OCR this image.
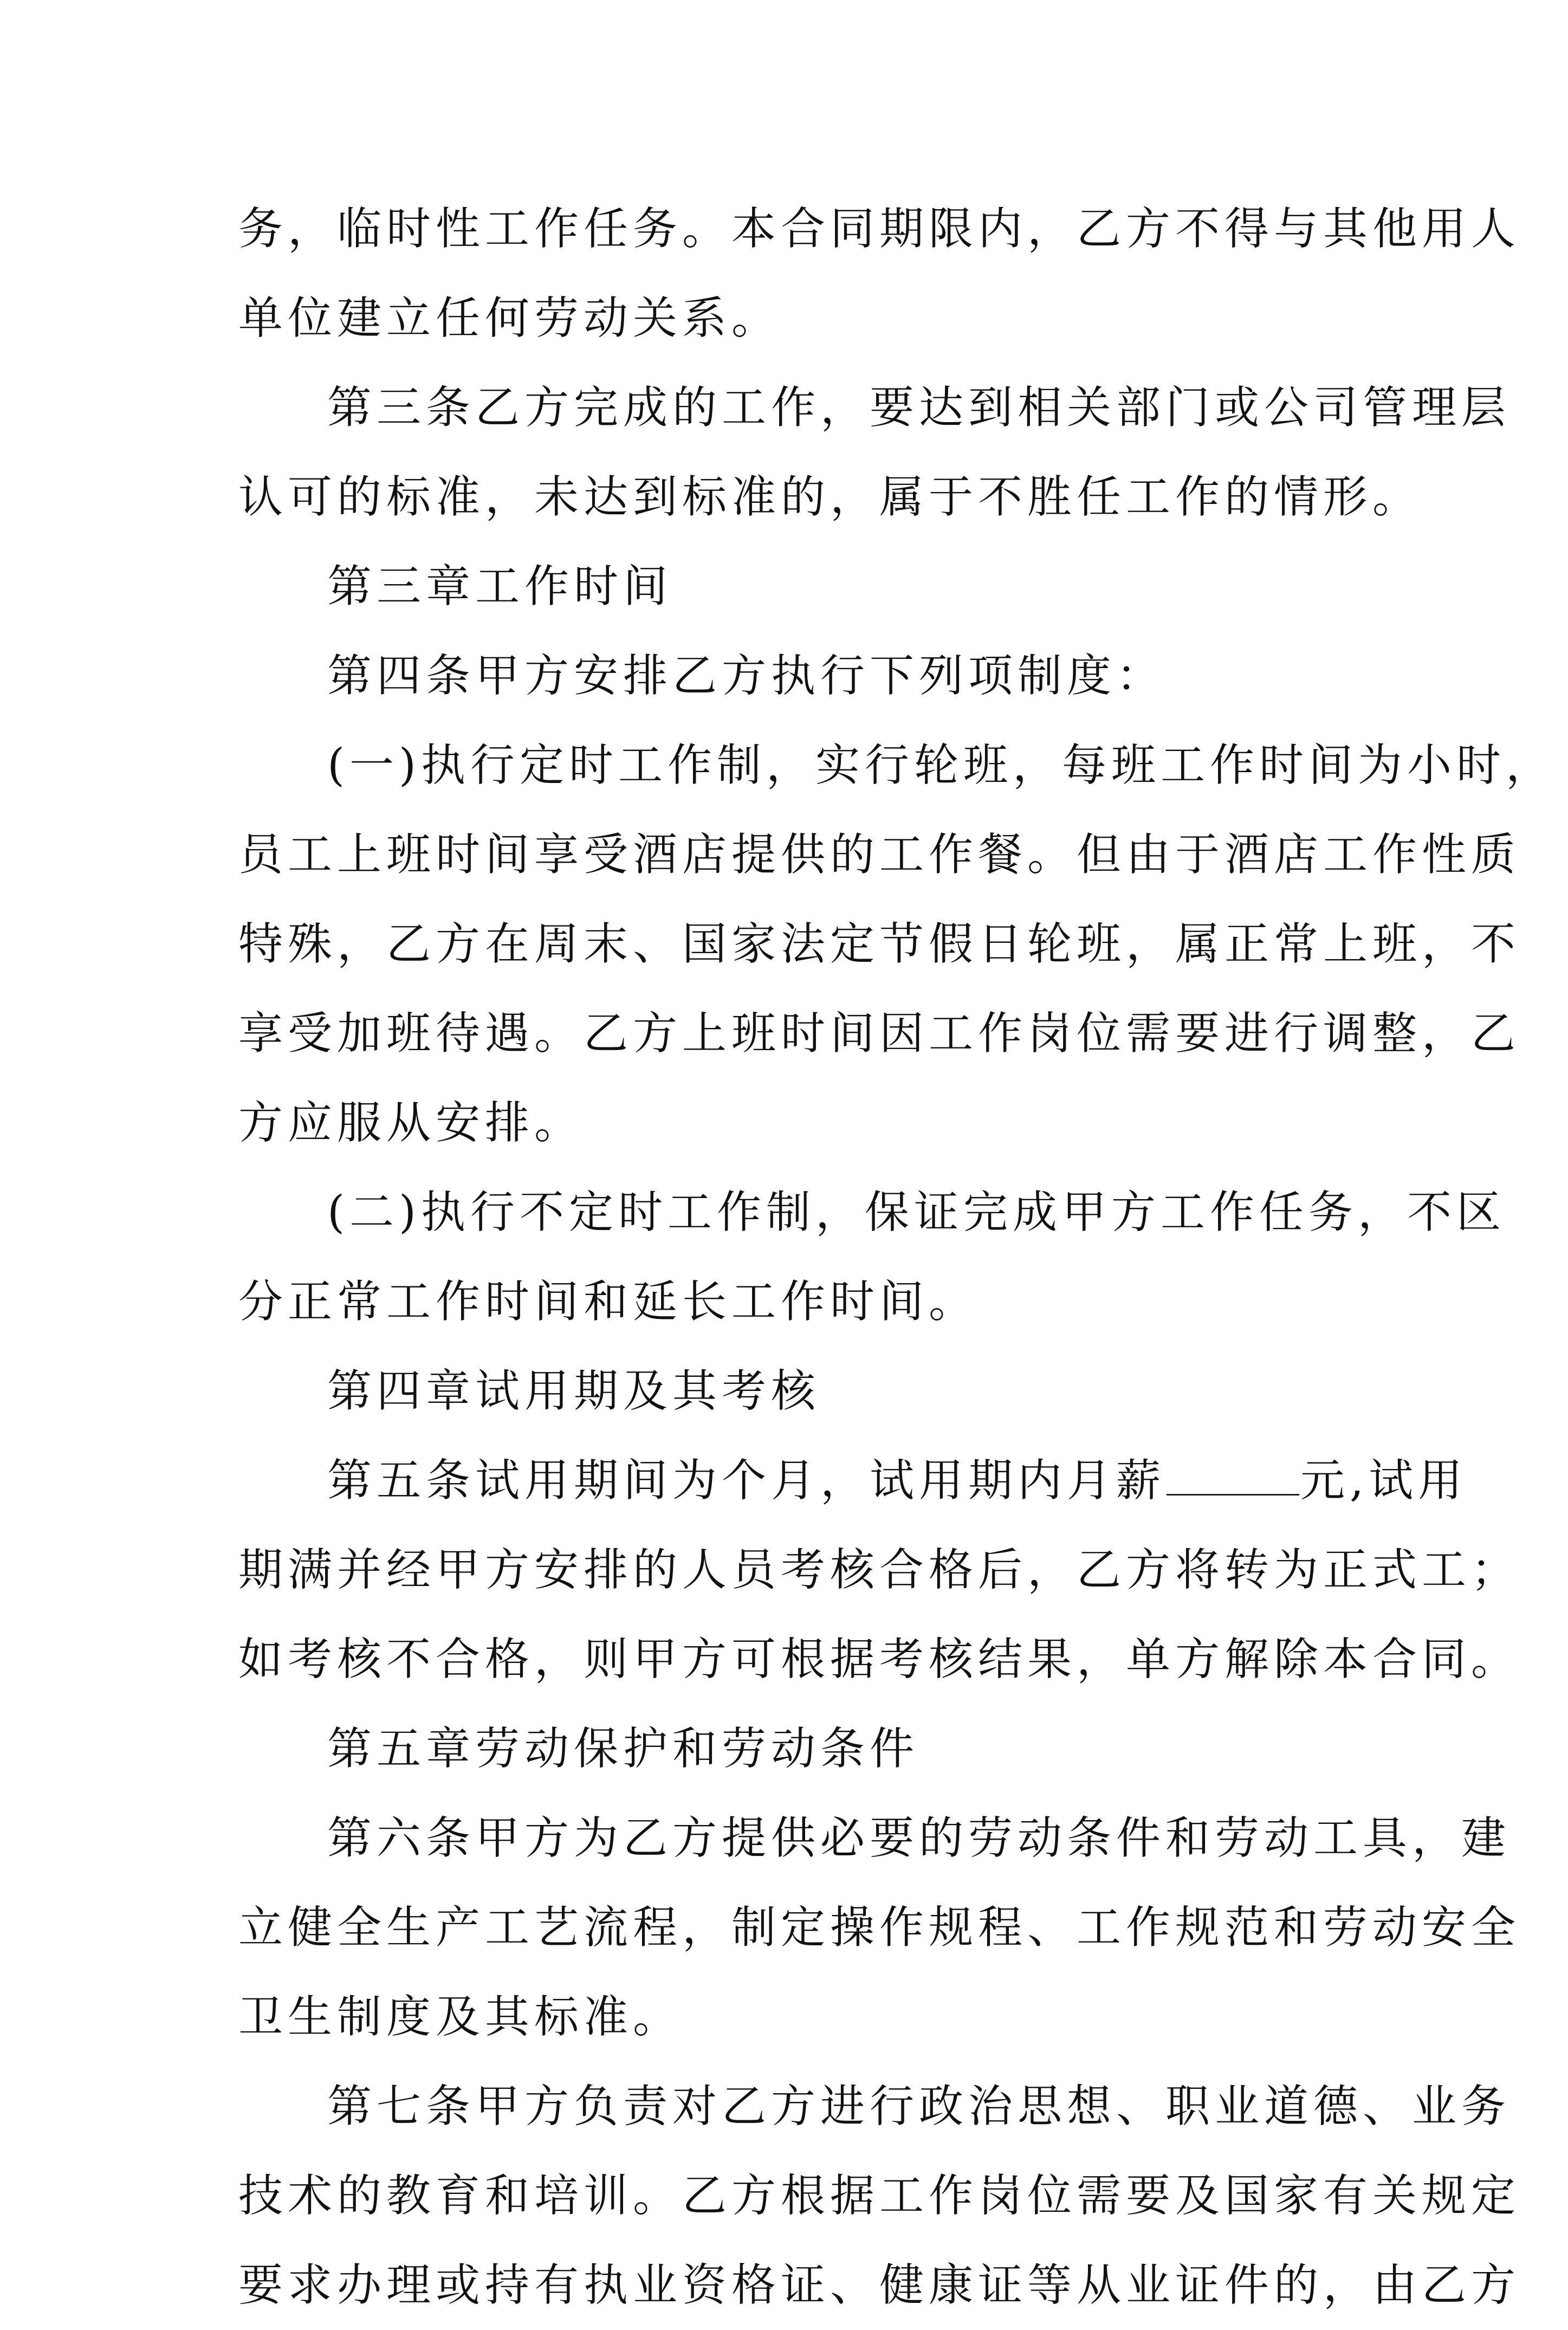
务，临时性工作任务。本合同期限内，乙方不得与其他用人
单位建立任何劳动关系。
第三条乙方完成的工作，要达到相关部门或公司管理层
认可的标准，未达到标准的，属于不胜任工作的情形。
第三章工作时间
第四条甲方安排乙方执行下列项制度：
(一)执行定时工作制，实行轮班，每班工作时间为小时，
员工上班时间享受酒店提供的工作餐。但由于酒店工作性质
特殊，乙方在周末、国家法定节假日轮班，属正常上班，不
享受加班待遇。乙方上班时间因工作岗位需要进行调整，乙
方应服从安排。
(二)执行不定时工作制，保证完成甲方工作任务，不区
分正常工作时间和延长工作时间。
第四章试用期及其考核
第五条试用期间为个月，试用期内月薪	元,试用
期满并经甲方安排的人员考核合格后，乙方将转为正式工；
如考核不合格，则甲方可根据考核结果，单方解除本合同。
第五章劳动保护和劳动条件
第六条甲方为乙方提供必要的劳动条件和劳动工具，建
立健全生产工艺流程，制定操作规程、工作规范和劳动安全
卫生制度及其标准。
第七条甲方负责对乙方进行政治思想、职业道德、业务
技术的教育和培训。乙方根据工作岗位需要及国家有关规定
要求办理或持有执业资格证、健康证等从业证件的，由乙方
